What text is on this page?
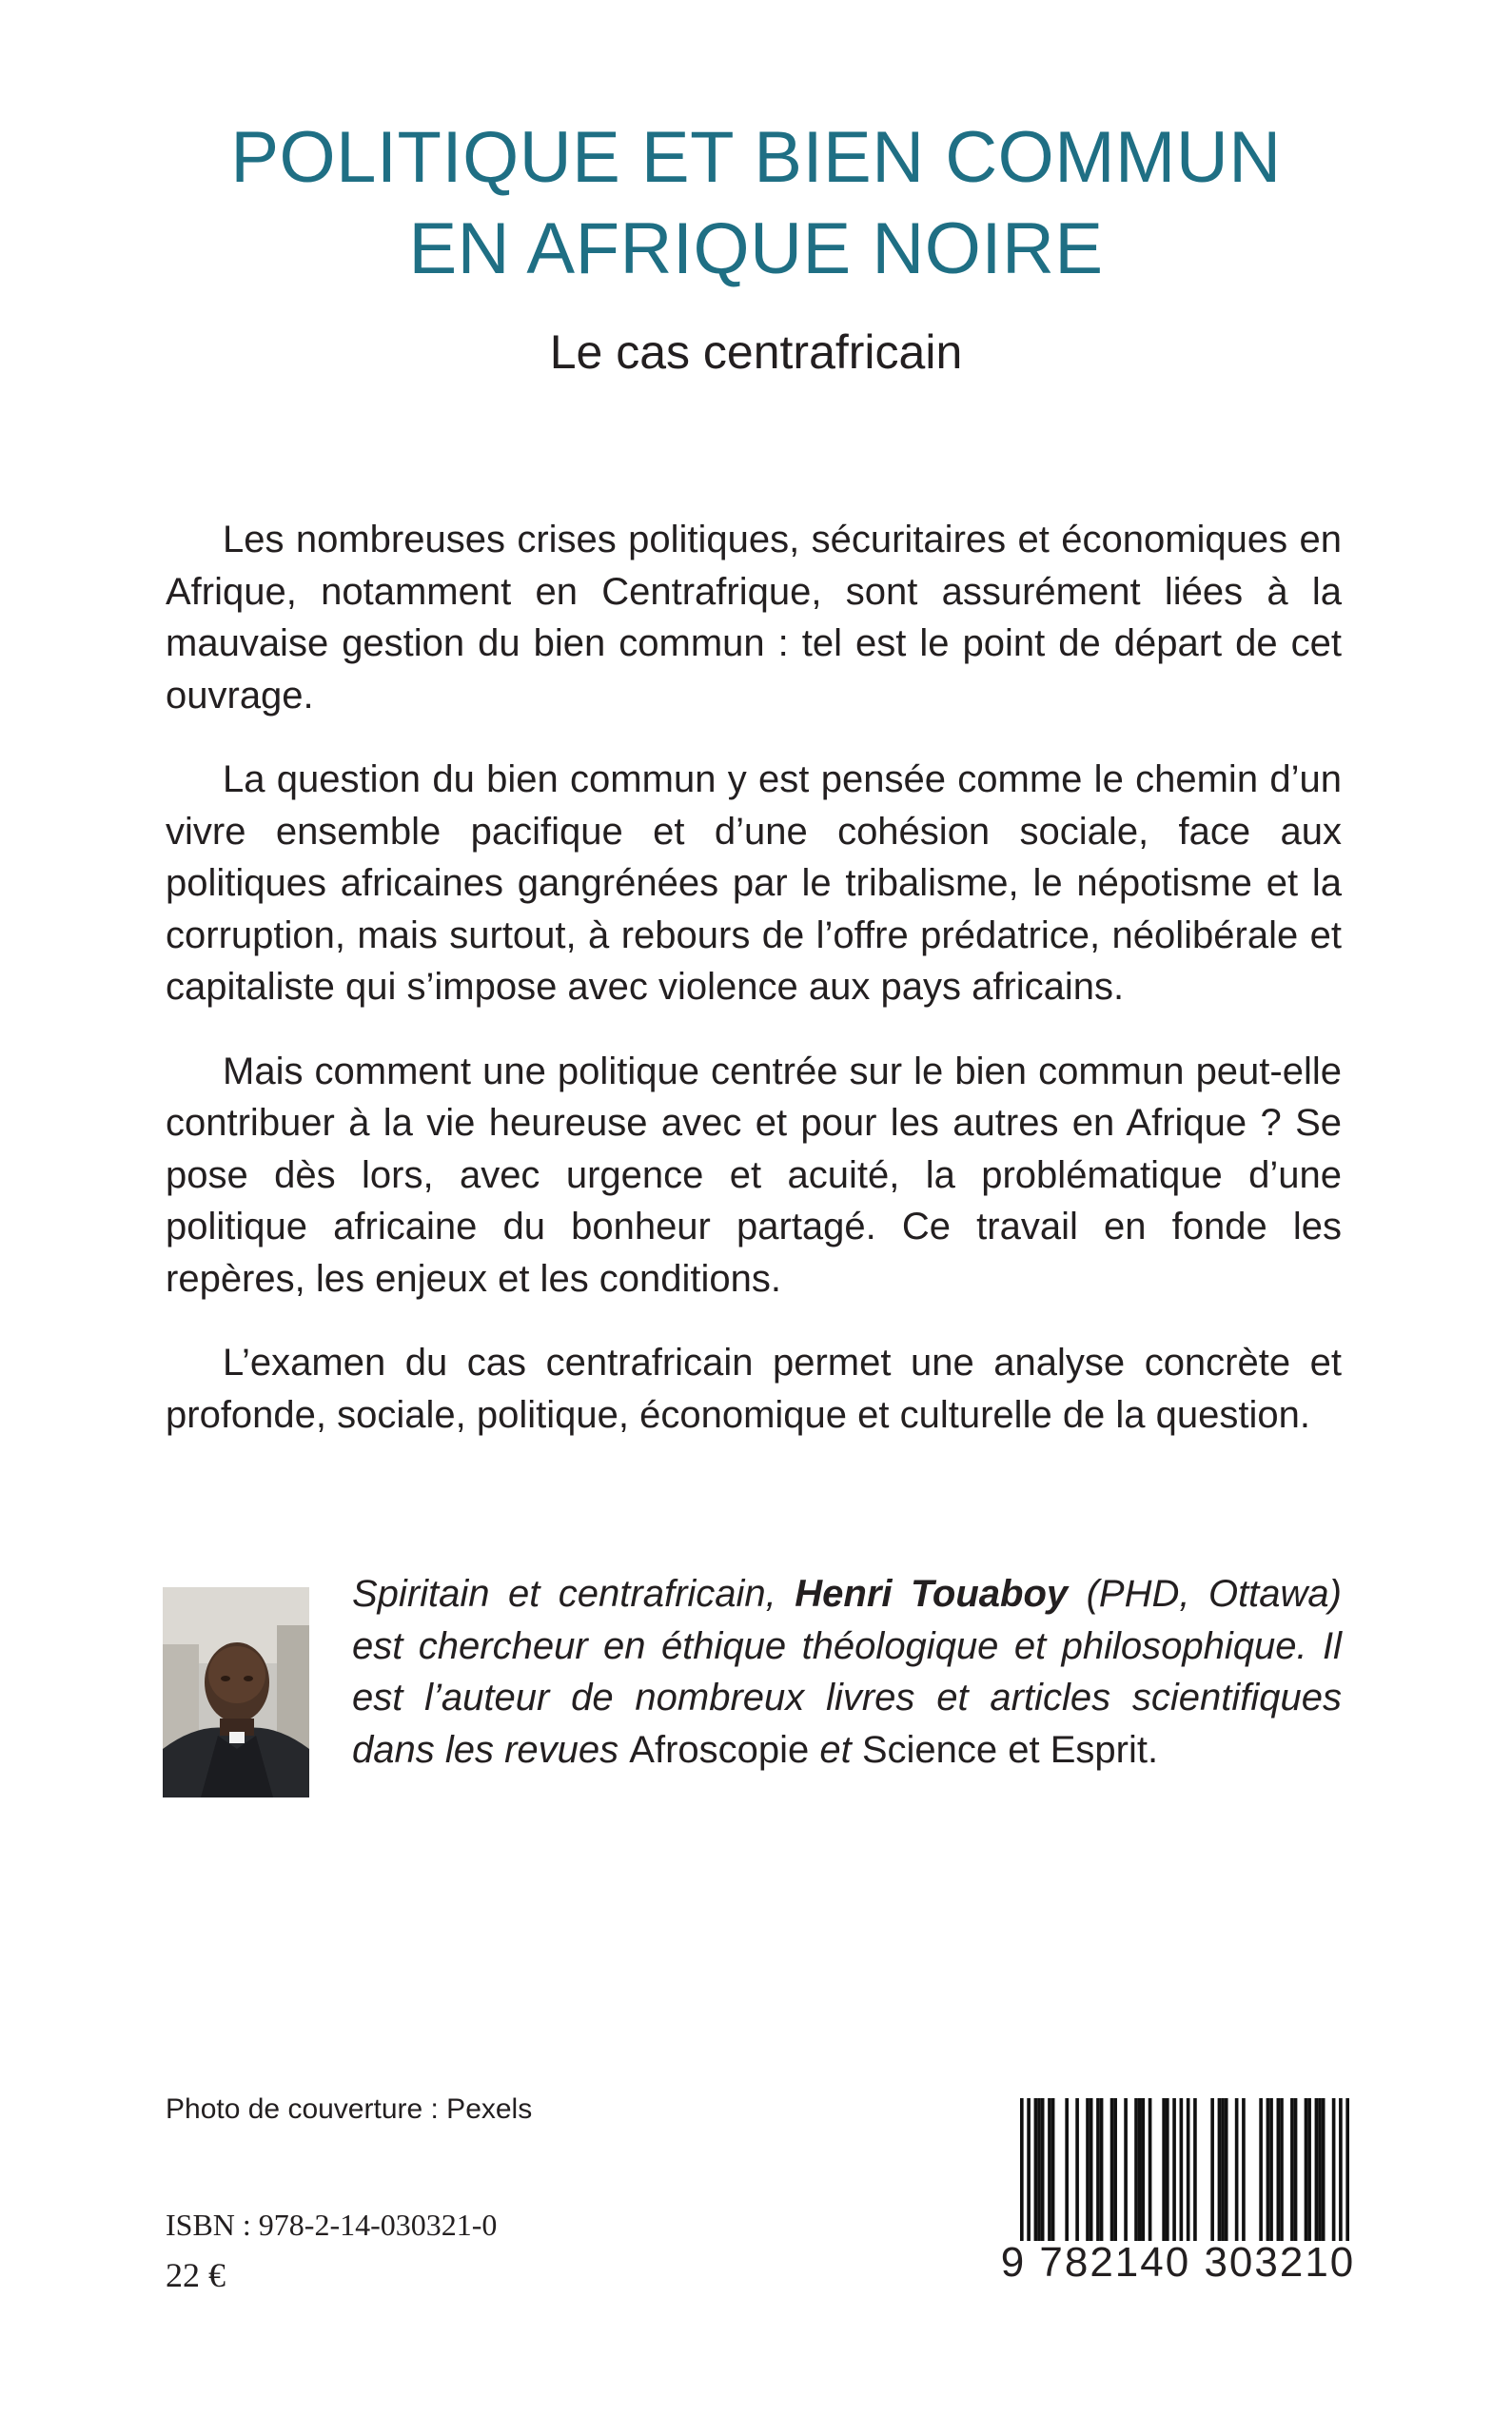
POLITIQUE ET BIEN COMMUN
EN AFRIQUE NOIRE
Le cas centrafricain

Les nombreuses crises politiques, sécuritaires et économiques en Afrique, notamment en Centrafrique, sont assurément liées à la mauvaise gestion du bien commun : tel est le point de départ de cet ouvrage.

La question du bien commun y est pensée comme le chemin d’un vivre ensemble pacifique et d’une cohésion sociale, face aux politiques africaines gangrénées par le tribalisme, le népotisme et la corruption, mais surtout, à rebours de l’offre prédatrice, néolibérale et capitaliste qui s’impose avec violence aux pays africains.

Mais comment une politique centrée sur le bien commun peut-elle contribuer à la vie heureuse avec et pour les autres en Afrique ? Se pose dès lors, avec urgence et acuité, la problématique d’une politique africaine du bonheur partagé. Ce travail en fonde les repères, les enjeux et les conditions.

L’examen du cas centrafricain permet une analyse concrète et profonde, sociale, politique, économique et culturelle de la question.

Spiritain et centrafricain, Henri Touaboy (PHD, Ottawa) est chercheur en éthique théologique et philosophique. Il est l’auteur de nombreux livres et articles scientifiques dans les revues Afroscopie et Science et Esprit.
Photo de couverture : Pexels
ISBN : 978-2-14-030321-0
22 €	9 782140 303210
